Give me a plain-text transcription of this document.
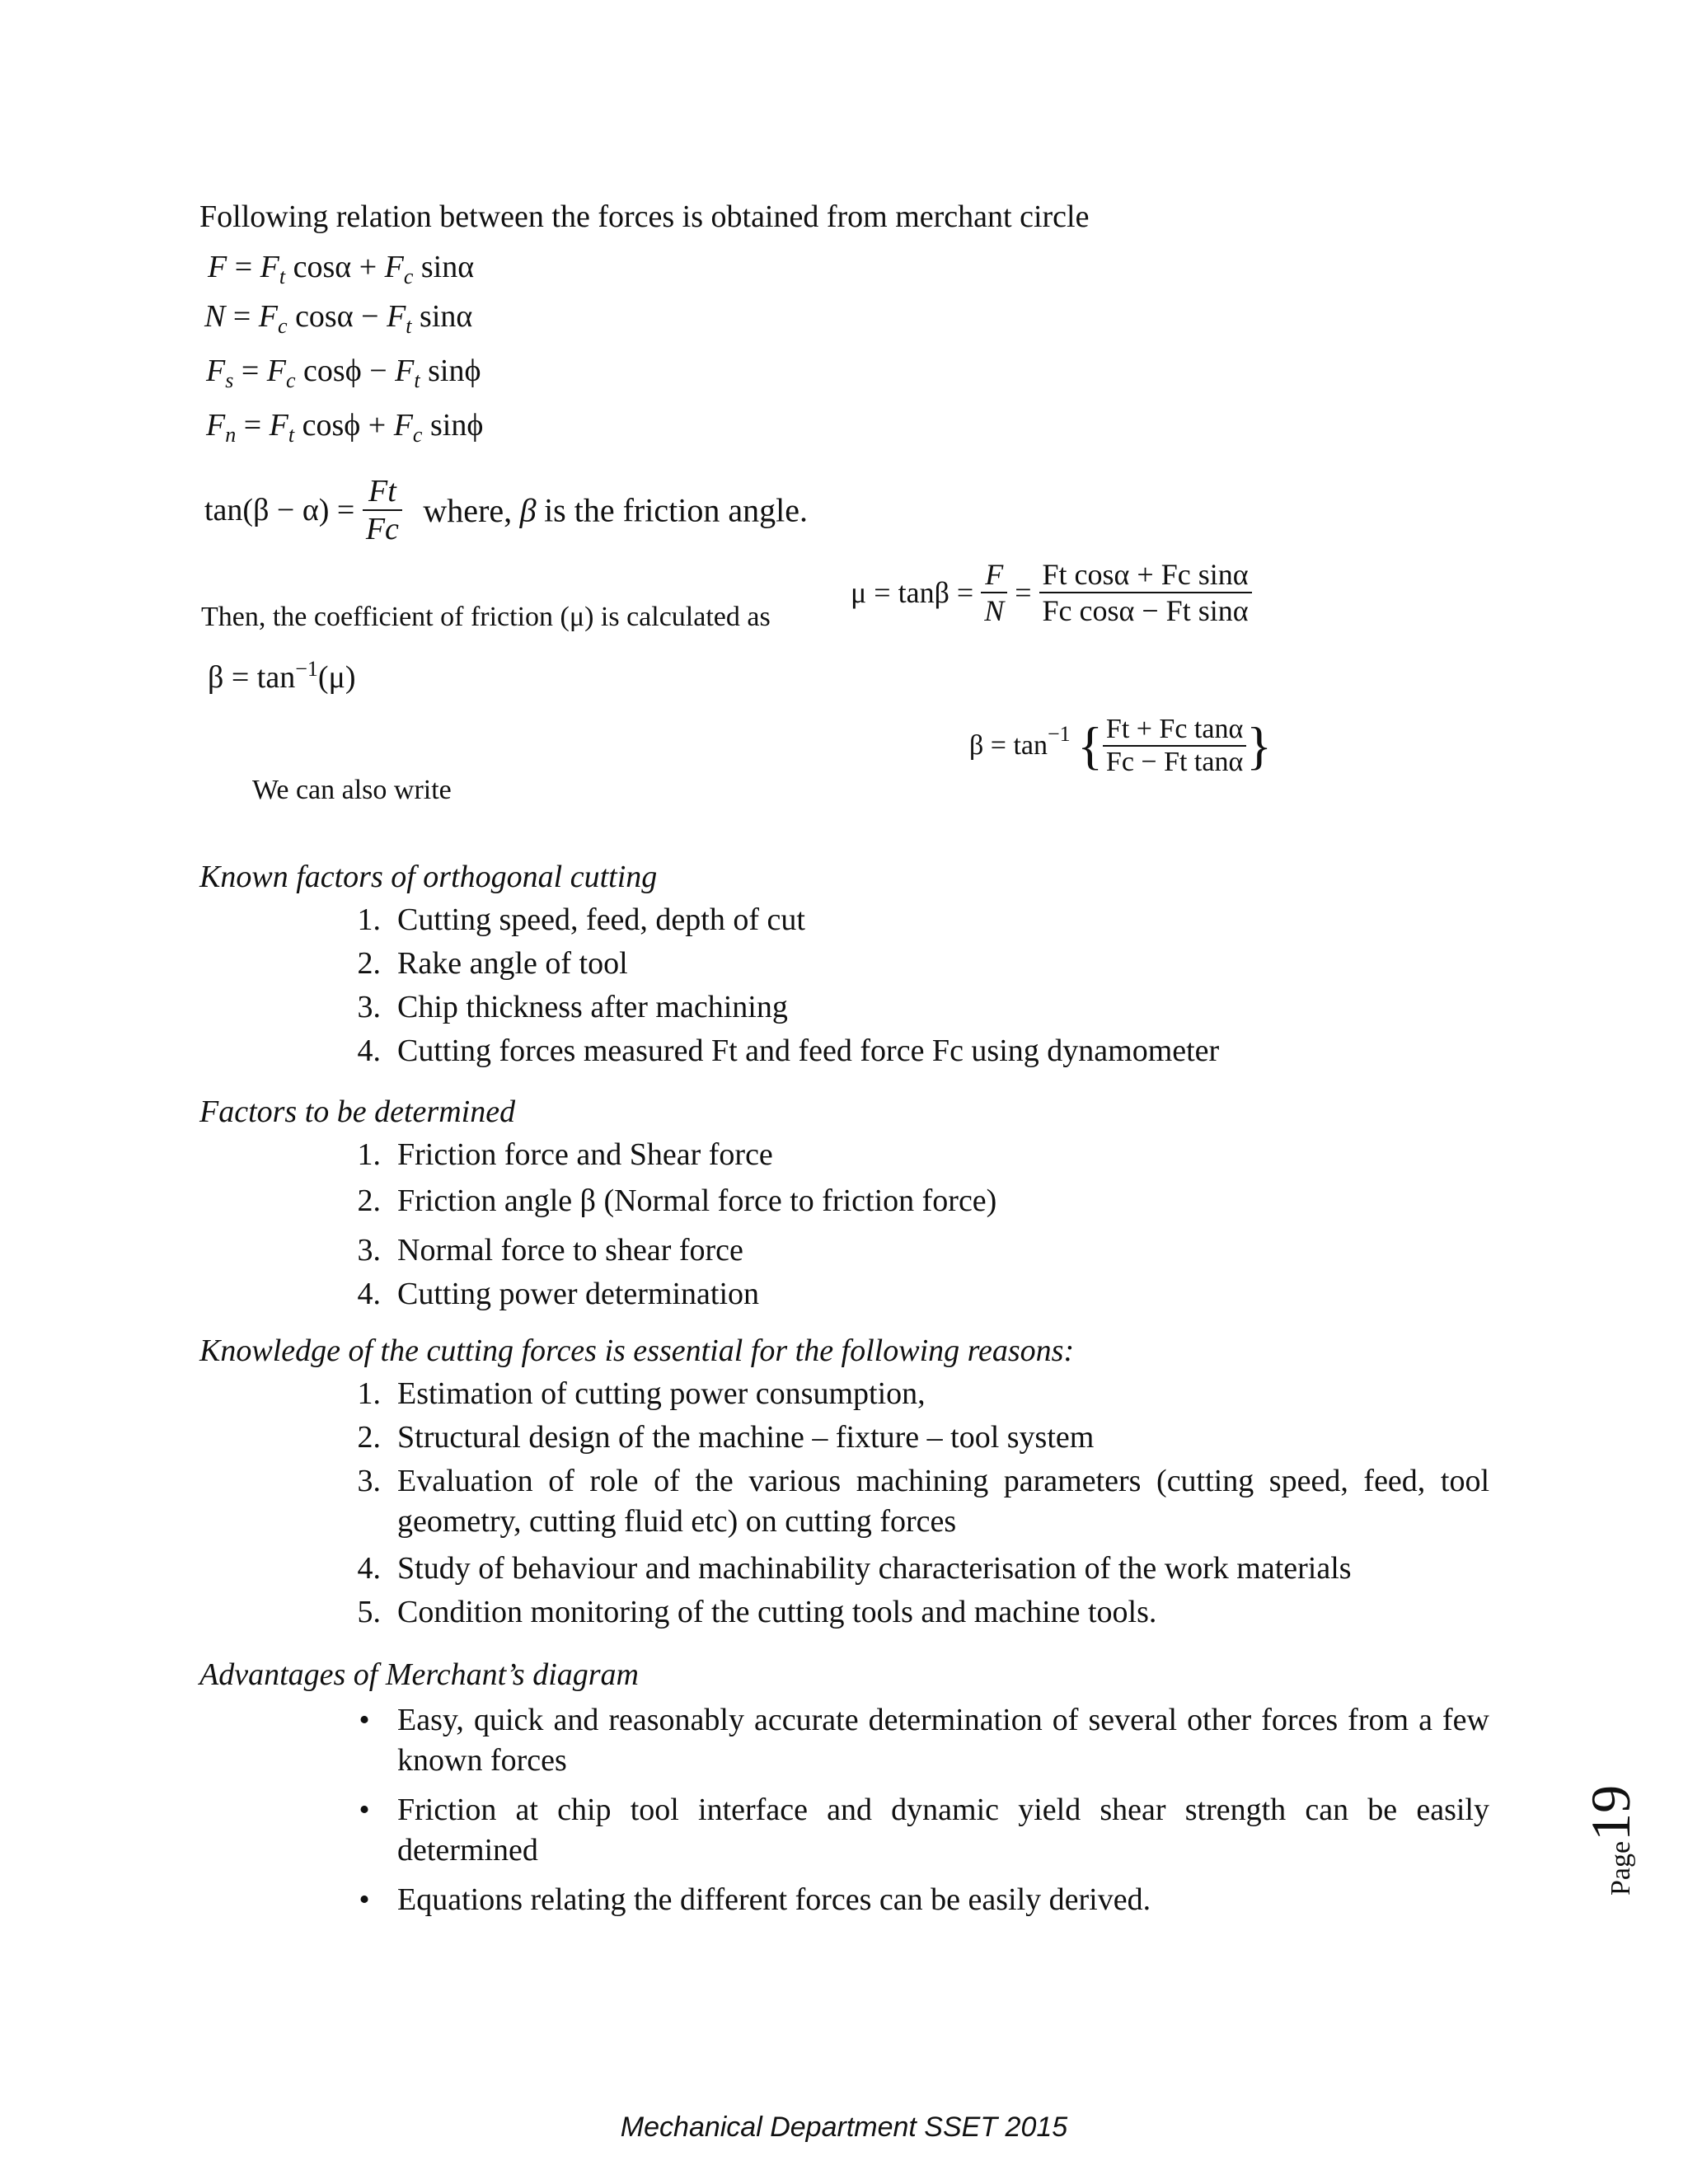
Following relation between the forces is obtained from merchant circle
$F = F_t$ $\cos\alpha + F_c$ sinα
$N = F_c$ $\cos\alpha - F_t$ sinα
$F_s = F_c$ $\cos\phi - F_t$ sinϕ
$F_n = F_t$ $\cos\phi + F_c$ sinϕ
$\tan(\beta - \alpha) = \frac{Ft}{Fc}$ where, β is the friction angle.
Then, the coefficient of friction (μ) is calculated as
$\mu = \tan\beta = \frac{F}{N} = \frac{\text{Ft cosα + Fc sinα}}{\text{Fc cosα − Ft sinα}}$
$\beta = \tan^{-1}(\mu)$
We can also write
$\beta = \tan^{-1}$ { $\frac{\text{Ft + Fc tanα}}{\text{Fc − Ft tanα}}$ }
Known factors of orthogonal cutting
1. Cutting speed, feed, depth of cut
2. Rake angle of tool
3. Chip thickness after machining
4. Cutting forces measured Ft and feed force Fc using dynamometer
Factors to be determined
1. Friction force and Shear force
2. Friction angle β (Normal force to friction force)
3. Normal force to shear force
4. Cutting power determination
Knowledge of the cutting forces is essential for the following reasons:
1. Estimation of cutting power consumption,
2. Structural design of the machine – fixture – tool system
3. Evaluation of role of the various machining parameters (cutting speed, feed, tool geometry, cutting fluid etc) on cutting forces
4. Study of behaviour and machinability characterisation of the work materials
5. Condition monitoring of the cutting tools and machine tools.
Advantages of Merchant’s diagram
• Easy, quick and reasonably accurate determination of several other forces from a few known forces
• Friction at chip tool interface and dynamic yield shear strength can be easily determined
• Equations relating the different forces can be easily derived.
Page19
Mechanical Department SSET 2015
